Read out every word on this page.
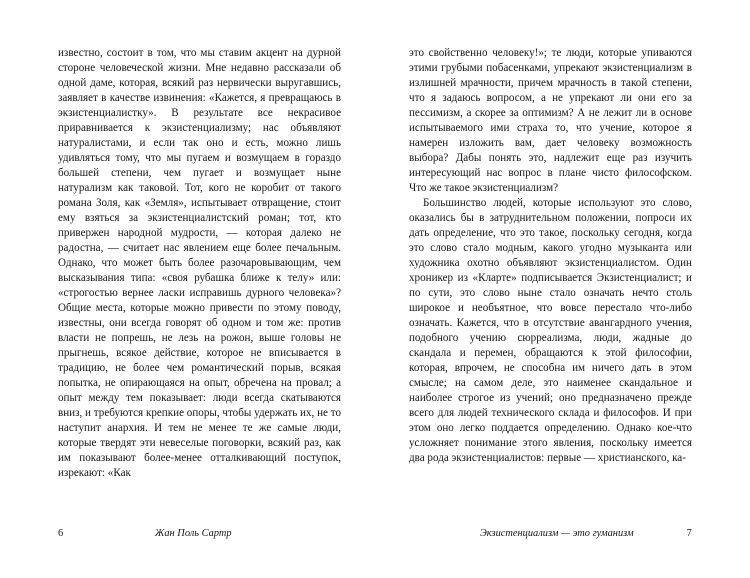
известно, состоит в том, что мы ставим акцент на дурной стороне человеческой жизни. Мне недавно рассказали об одной даме, которая, всякий раз нервически выругавшись, заявляет в качестве извинения: «Кажется, я превращаюсь в экзистенциалистку». В результате все некрасивое приравнивается к экзистенциализму; нас объявляют натуралистами, и если так оно и есть, можно лишь удивляться тому, что мы пугаем и возмущаем в гораздо большей степени, чем пугает и возмущает ныне натурализм как таковой. Тот, кого не коробит от такого романа Золя, как «Земля», испытывает отвращение, стоит ему взяться за экзистенциалистский роман; тот, кто привержен народной мудрости, — которая далеко не радостна, — считает нас явлением еще более печальным. Однако, что может быть более разочаровывающим, чем высказывания типа: «своя рубашка ближе к телу» или: «строгостью вернее ласки исправишь дурного человека»? Общие места, которые можно привести по этому поводу, известны, они всегда говорят об одном и том же: против власти не попрешь, не лезь на рожон, выше головы не прыгнешь, всякое действие, которое не вписывается в традицию, не более чем романтический порыв, всякая попытка, не опирающаяся на опыт, обречена на провал; а опыт между тем показывает: люди всегда скатываются вниз, и требуются крепкие опоры, чтобы удержать их, не то наступит анархия. И тем не менее те же самые люди, которые твердят эти невеселые поговорки, всякий раз, как им показывают более-менее отталкивающий поступок, изрекают: «Как

6	Жан Поль Сартр

это свойственно человеку!»; те люди, которые упиваются этими грубыми побасенками, упрекают экзистенциализм в излишней мрачности, причем мрачность в такой степени, что я задаюсь вопросом, а не упрекают ли они его за пессимизм, а скорее за оптимизм? А не лежит ли в основе испытываемого ими страха то, что учение, которое я намерен изложить вам, дает человеку возможность выбора? Дабы понять это, надлежит еще раз изучить интересующий нас вопрос в плане чисто философском. Что же такое экзистенциализм?

Большинство людей, которые используют это слово, оказались бы в затруднительном положении, попроси их дать определение, что это такое, поскольку сегодня, когда это слово стало модным, какого угодно музыканта или художника охотно объявляют экзистенциалистом. Один хроникер из «Кларте» подписывается Экзистенциалист; и по сути, это слово ныне стало означать нечто столь широкое и необъятное, что вовсе перестало что-либо означать. Кажется, что в отсутствие авангардного учения, подобного учению сюрреализма, люди, жадные до скандала и перемен, обращаются к этой философии, которая, впрочем, не способна им ничего дать в этом смысле; на самом деле, это наименее скандальное и наиболее строгое из учений; оно предназначено прежде всего для людей технического склада и философов. И при этом оно легко поддается определению. Однако кое-что усложняет понимание этого явления, поскольку имеется два рода экзистенциалистов: первые — христианского, ка-

Экзистенциализм — это гуманизм	7
